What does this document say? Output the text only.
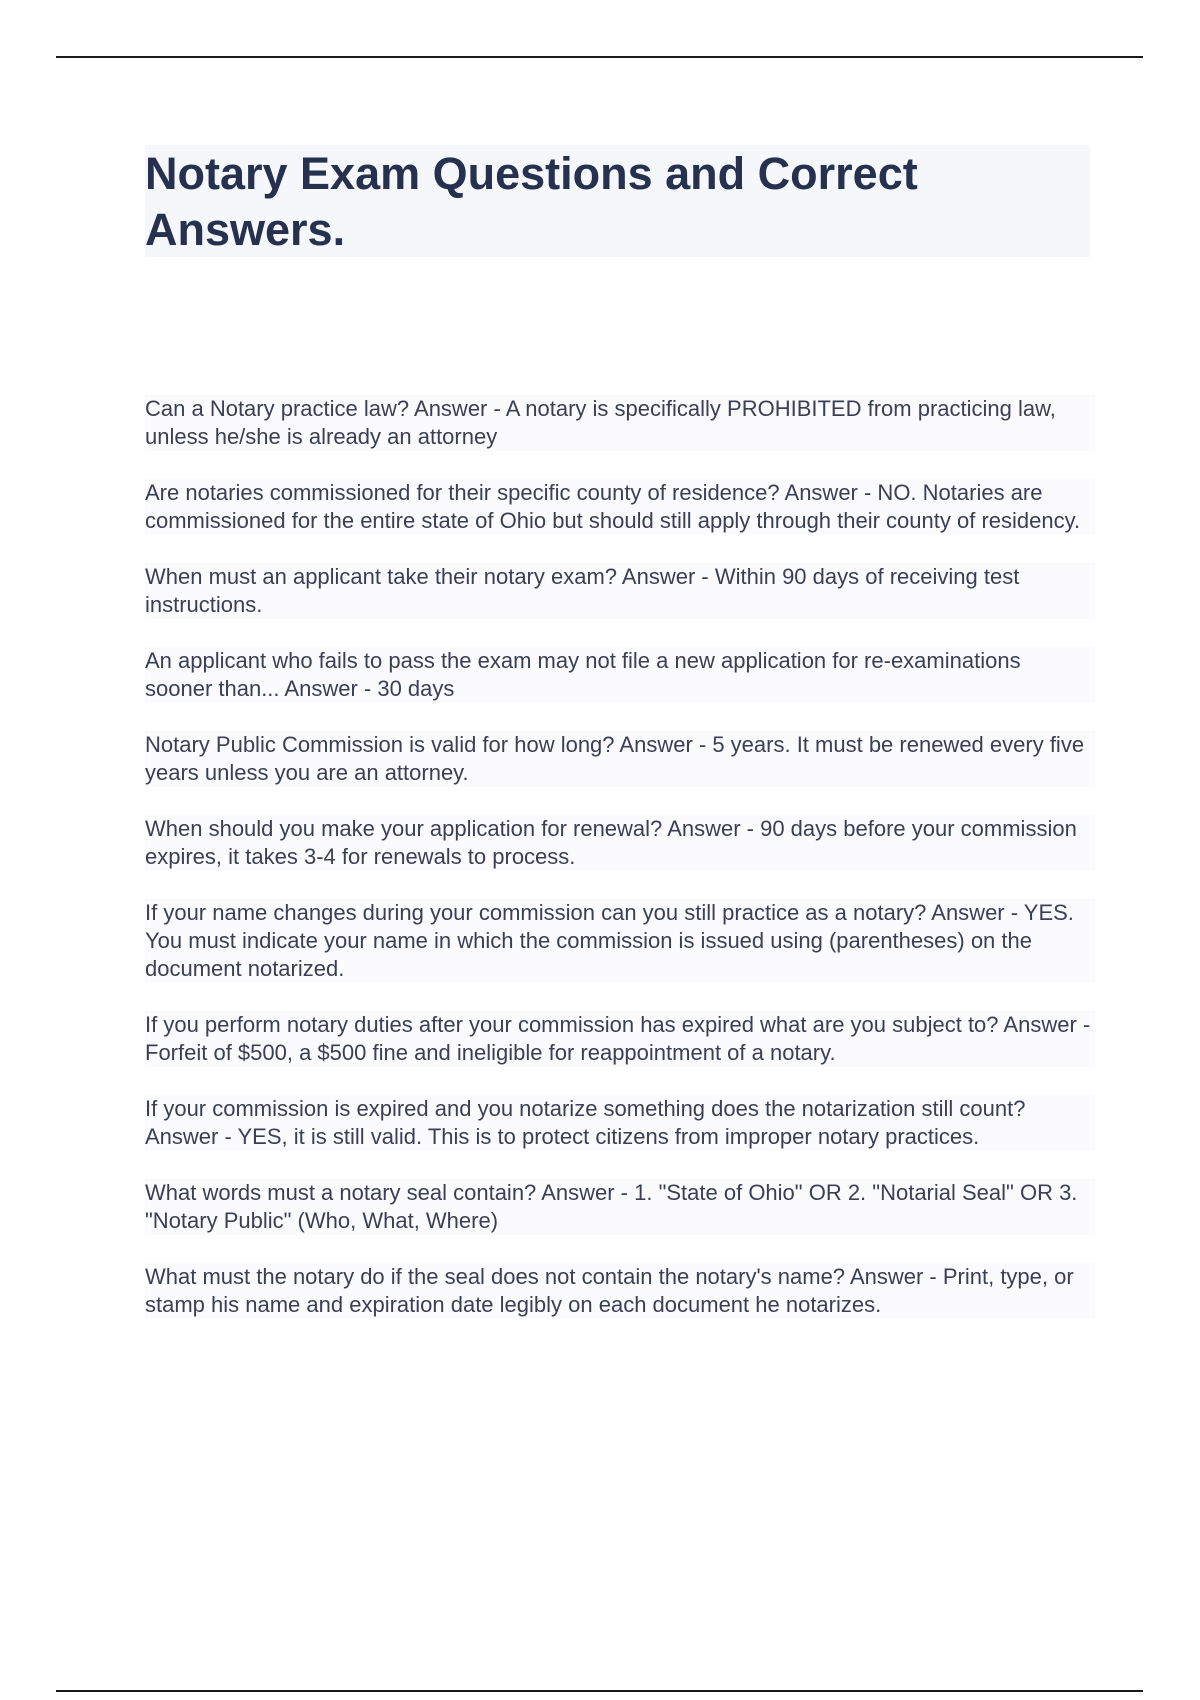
Notary Exam Questions and Correct Answers.
Can a Notary practice law? Answer - A notary is specifically PROHIBITED from practicing law, unless he/she is already an attorney
Are notaries commissioned for their specific county of residence? Answer - NO. Notaries are commissioned for the entire state of Ohio but should still apply through their county of residency.
When must an applicant take their notary exam? Answer - Within 90 days of receiving test instructions.
An applicant who fails to pass the exam may not file a new application for re-examinations sooner than... Answer - 30 days
Notary Public Commission is valid for how long? Answer - 5 years. It must be renewed every five years unless you are an attorney.
When should you make your application for renewal? Answer - 90 days before your commission expires, it takes 3-4 for renewals to process.
If your name changes during your commission can you still practice as a notary? Answer - YES. You must indicate your name in which the commission is issued using (parentheses) on the document notarized.
If you perform notary duties after your commission has expired what are you subject to? Answer - Forfeit of $500, a $500 fine and ineligible for reappointment of a notary.
If your commission is expired and you notarize something does the notarization still count? Answer - YES, it is still valid. This is to protect citizens from improper notary practices.
What words must a notary seal contain? Answer - 1. "State of Ohio" OR 2. "Notarial Seal" OR 3. "Notary Public" (Who, What, Where)
What must the notary do if the seal does not contain the notary's name? Answer - Print, type, or stamp his name and expiration date legibly on each document he notarizes.
